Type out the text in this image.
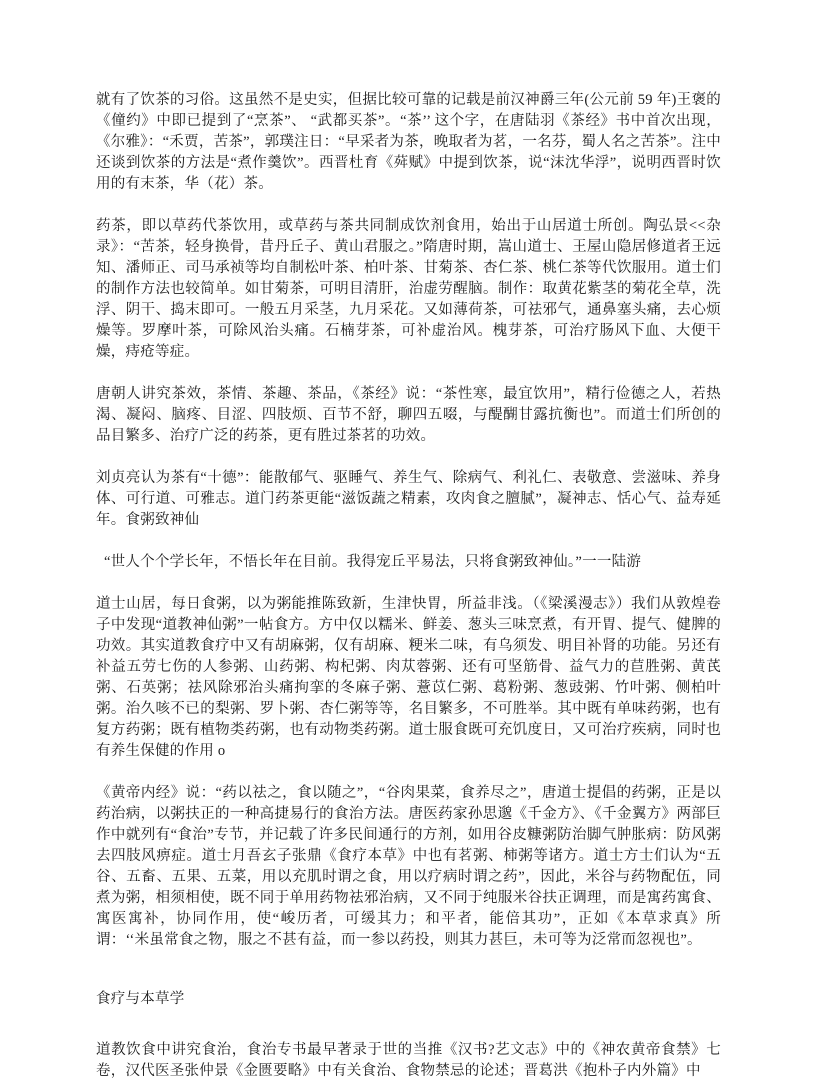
就有了饮茶的习俗。这虽然不是史实，但据比较可靠的记载是前汉神爵三年(公元前 59 年)王褒的《僮约》中即已提到了“烹茶”、 “武都买茶”。“茶’’ 这个字，在唐陆羽《茶经》书中首次出现，《尔雅》：“禾贾，苦茶”，郭璞注日：“早采者为茶，晚取者为茗，一名芬，蜀人名之苦茶”。注中还谈到饮茶的方法是“煮作羹饮”。西晋杜育《荈赋》中提到饮茶，说“沫沈华浮”，说明西晋时饮用的有末茶，华（花）茶。

药茶，即以草药代茶饮用，或草药与茶共同制成饮剂食用，始出于山居道士所创。陶弘景<<杂录》：“苦茶，轻身换骨，昔丹丘子、黄山君服之。”隋唐时期，嵩山道士、王屋山隐居修道者王远知、潘师正、司马承祯等均自制松叶茶、柏叶茶、甘菊茶、杏仁茶、桃仁茶等代饮服用。道士们的制作方法也较简单。如甘菊茶，可明目清肝，治虚劳醒脑。制作：取黄花紫茎的菊花全草，洗浮、阴干、捣末即可。一般五月采茎，九月采花。又如薄荷茶，可祛邪气，通鼻塞头痛，去心烦燥等。罗摩叶茶，可除风治头痛。石楠芽茶，可补虚治风。槐芽茶，可治疗肠风下血、大便干燥，痔疮等症。

唐朝人讲究茶效，茶情、茶趣、茶品，《茶经》说：“茶性寒，最宜饮用”，精行俭德之人，若热渴、凝闷、脑疼、目涩、四肢烦、百节不舒，聊四五啜，与醍醐甘露抗衡也”。而道士们所创的品目繁多、治疗广泛的药茶，更有胜过茶茗的功效。

刘贞亮认为茶有“十德”：能散郁气、驱睡气、养生气、除病气、利礼仁、表敬意、尝滋味、养身体、可行道、可雅志。道门药茶更能“滋饭蔬之精素，攻肉食之膻腻”，凝神志、恬心气、益寿延年。食粥致神仙

“世人个个学长年，不悟长年在目前。我得宠丘平易法，只将食粥致神仙。”一一陆游

道士山居，每日食粥，以为粥能推陈致新，生津快胃，所益非浅。（《梁溪漫志》）我们从敦煌卷子中发现“道教神仙粥”一帖食方。方中仅以糯米、鲜姜、葱头三味烹煮，有开胃、提气、健脾的功效。其实道教食疗中又有胡麻粥，仅有胡麻、粳米二味，有乌须发、明目补肾的功能。另还有补益五劳七伤的人参粥、山药粥、构杞粥、肉苁蓉粥、还有可坚筋骨、益气力的苣胜粥、黄芪粥、石英粥；祛风除邪治头痛拘挛的冬麻子粥、薏苡仁粥、葛粉粥、葱豉粥、竹叶粥、侧柏叶粥。治久咳不已的梨粥、罗卜粥、杏仁粥等等，名目繁多，不可胜举。其中既有单味药粥，也有复方药粥；既有植物类药粥，也有动物类药粥。道士服食既可充饥度日，又可治疗疾病，同时也有养生保健的作用 o

《黄帝内经》说：“药以祛之，食以随之”，“谷肉果菜，食养尽之”，唐道士提倡的药粥，正是以药治病，以粥扶正的一种高捷易行的食治方法。唐医药家孙思邈《千金方》、《千金翼方》两部巨作中就列有“食治”专节，并记载了许多民间通行的方剂，如用谷皮糠粥防治脚气肿胀病：防风粥去四肢风痹症。道士月吾玄子张鼎《食疗本草》中也有茗粥、柿粥等诸方。道士方士们认为“五谷、五畜、五果、五菜，用以充肌时谓之食，用以疗病时谓之药”，因此，米谷与药物配伍，同煮为粥，相须相使，既不同于单用药物祛邪治病，又不同于纯服米谷扶正调理，而是寓药寓食、寓医寓补，协同作用，使“峻历者，可缓其力；和平者，能倍其功”，正如《本草求真》所谓：‘‘米虽常食之物，服之不甚有益，而一参以药投，则其力甚巨，未可等为泛常而忽视也”。

食疗与本草学

道教饮食中讲究食治，食治专书最早著录于世的当推《汉书?艺文志》中的《神农黄帝食禁》七卷，汉代医圣张仲景《金匮要略》中有关食治、食物禁忌的论述；晋葛洪《抱朴子内外篇》中
